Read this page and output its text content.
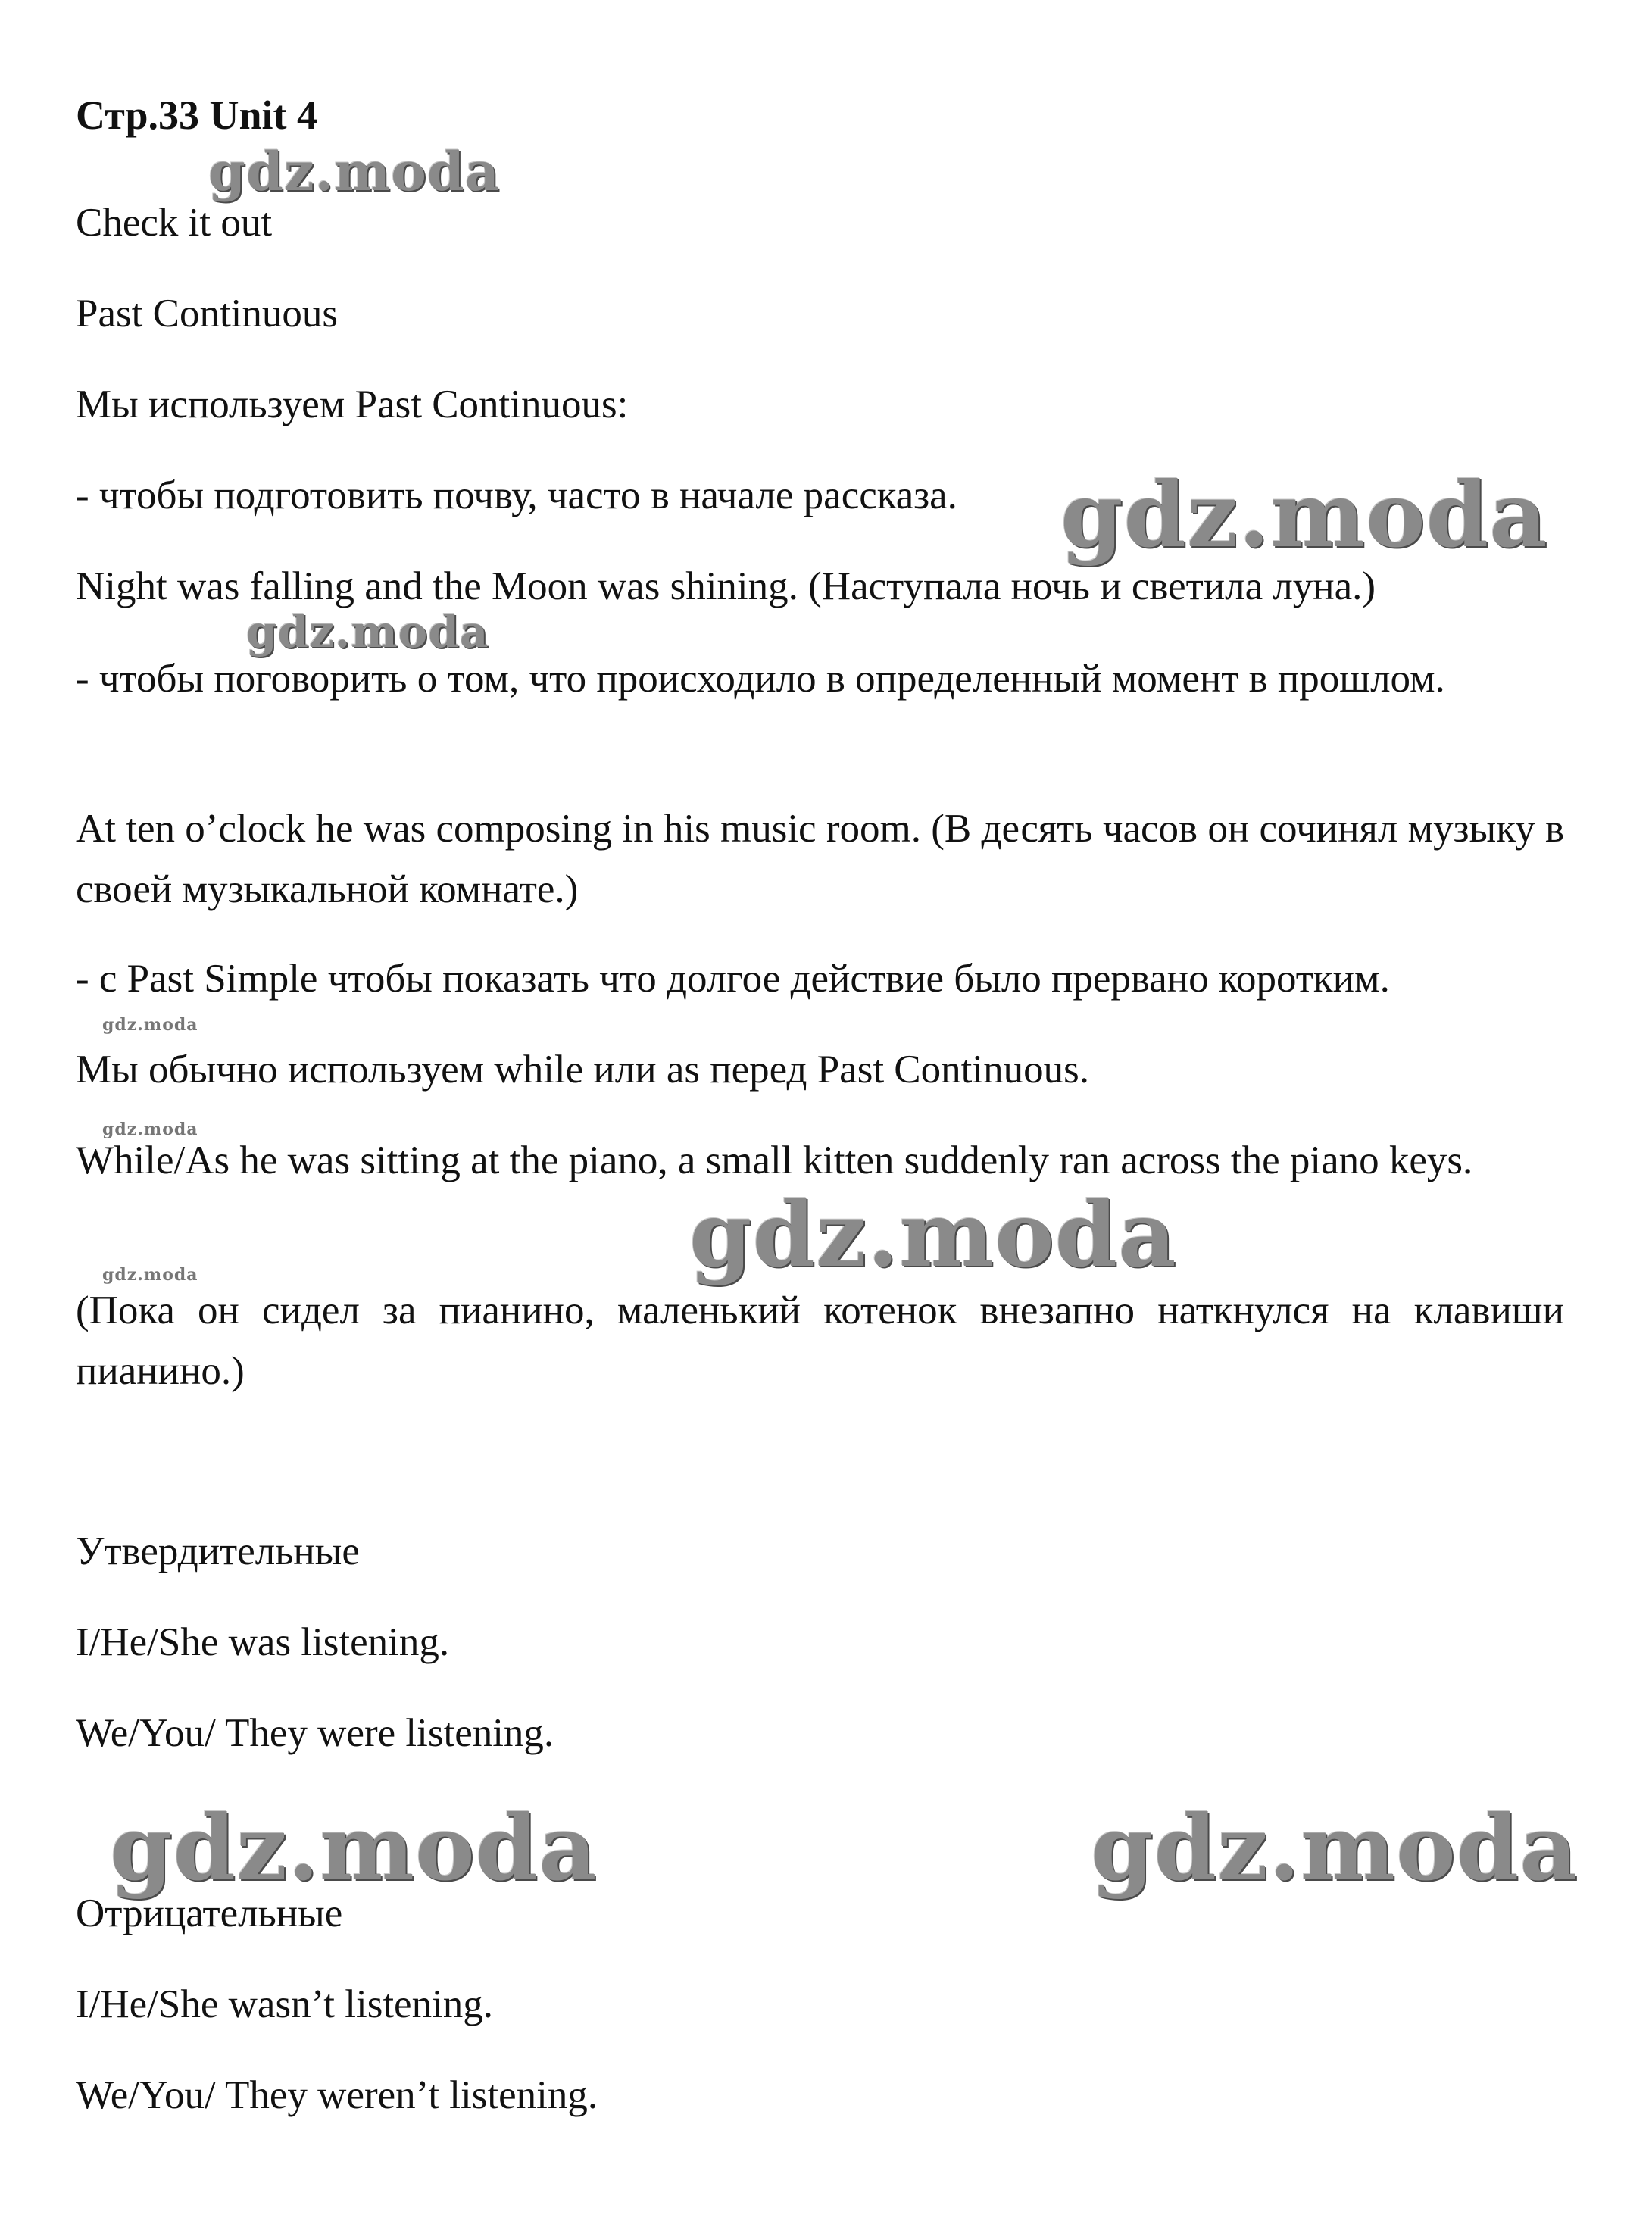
Стр.33 Unit 4

Check it out

Past Continuous

Мы используем Past Continuous:

- чтобы подготовить почву, часто в начале рассказа.

Night was falling and the Moon was shining. (Наступала ночь и светила луна.)

- чтобы поговорить о том, что происходило в определенный момент в прошлом.

At ten o’clock he was composing in his music room. (В десять часов он сочинял музыку в своей музыкальной комнате.)

- с Past Simple чтобы показать что долгое действие было прервано коротким.

Мы обычно используем while или as перед Past Continuous.

While/As he was sitting at the piano, a small kitten suddenly ran across the piano keys.

(Пока он сидел за пианино, маленький котенок внезапно наткнулся на клавиши пианино.)

Утвердительные

I/He/She was listening.

We/You/ They were listening.

Отрицательные

I/He/She wasn’t listening.

We/You/ They weren’t listening.

gdz.moda
gdz.moda
gdz.moda
gdz.moda
gdz.moda
gdz.moda
gdz.moda
gdz.moda	gdz.moda
